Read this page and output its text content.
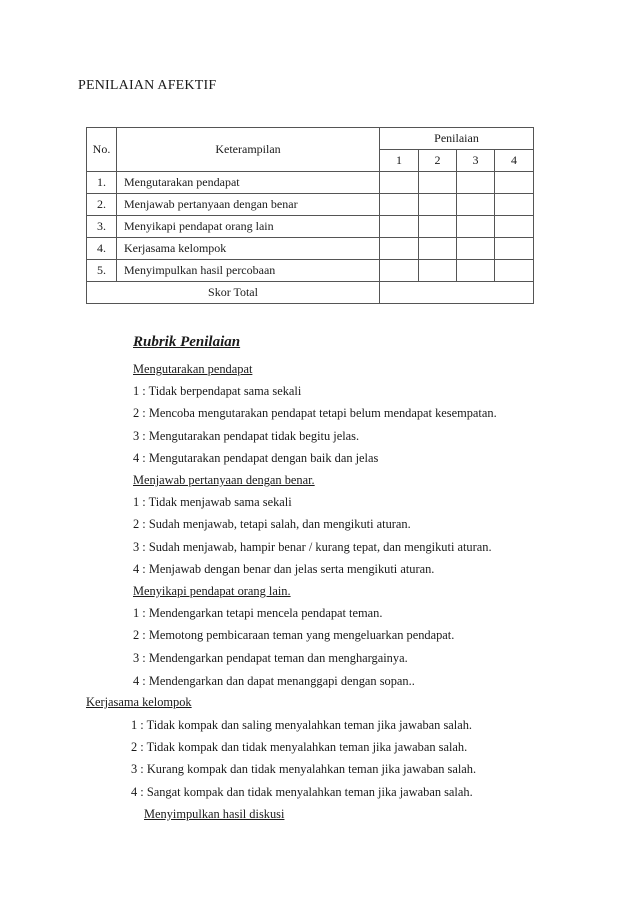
PENILAIAN AFEKTIF
No.	Keterampilan	Penilaian			
		1	2	3	4
1.	Mengutarakan pendapat				
2.	Menjawab pertanyaan dengan benar				
3.	Menyikapi pendapat orang lain				
4.	Kerjasama kelompok				
5.	Menyimpulkan hasil percobaan				
Skor Total					
Rubrik Penilaian
Mengutarakan pendapat
1 : Tidak berpendapat sama sekali
2 : Mencoba mengutarakan pendapat tetapi belum mendapat kesempatan.
3 : Mengutarakan pendapat tidak begitu jelas.
4 : Mengutarakan pendapat dengan baik dan jelas
Menjawab pertanyaan dengan benar.
1 : Tidak menjawab sama sekali
2 : Sudah menjawab, tetapi salah, dan mengikuti aturan.
3 : Sudah menjawab, hampir benar / kurang tepat, dan mengikuti aturan.
4 : Menjawab dengan benar dan jelas serta mengikuti aturan.
Menyikapi pendapat orang lain.
1 : Mendengarkan tetapi mencela pendapat teman.
2 : Memotong pembicaraan teman yang mengeluarkan pendapat.
3 : Mendengarkan pendapat teman dan menghargainya.
4 : Mendengarkan dan dapat menanggapi dengan sopan..
Kerjasama kelompok
1 : Tidak kompak dan saling menyalahkan teman jika jawaban salah.
2 : Tidak kompak dan tidak menyalahkan teman jika jawaban salah.
3 : Kurang kompak dan tidak menyalahkan teman jika jawaban salah.
4 : Sangat kompak dan tidak menyalahkan teman jika jawaban salah.
Menyimpulkan hasil diskusi
